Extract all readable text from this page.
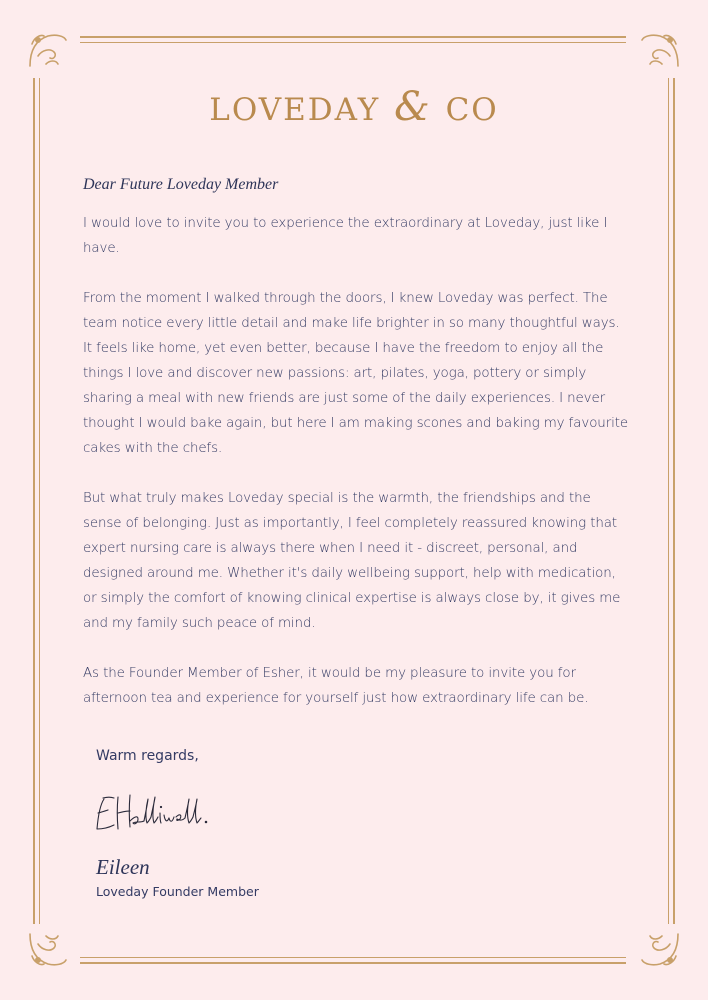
LOVEDAY & CO
Dear Future Loveday Member
I would love to invite you to experience the extraordinary at Loveday, just like I have.
From the moment I walked through the doors, I knew Loveday was perfect. The team notice every little detail and make life brighter in so many thoughtful ways. It feels like home, yet even better, because I have the freedom to enjoy all the things I love and discover new passions: art, pilates, yoga, pottery or simply sharing a meal with new friends are just some of the daily experiences. I never thought I would bake again, but here I am making scones and baking my favourite cakes with the chefs.
But what truly makes Loveday special is the warmth, the friendships and the sense of belonging. Just as importantly, I feel completely reassured knowing that expert nursing care is always there when I need it - discreet, personal, and designed around me. Whether it's daily wellbeing support, help with medication, or simply the comfort of knowing clinical expertise is always close by, it gives me and my family such peace of mind.
As the Founder Member of Esher, it would be my pleasure to invite you for afternoon tea and experience for yourself just how extraordinary life can be.
Warm regards,
Eileen
Loveday Founder Member
